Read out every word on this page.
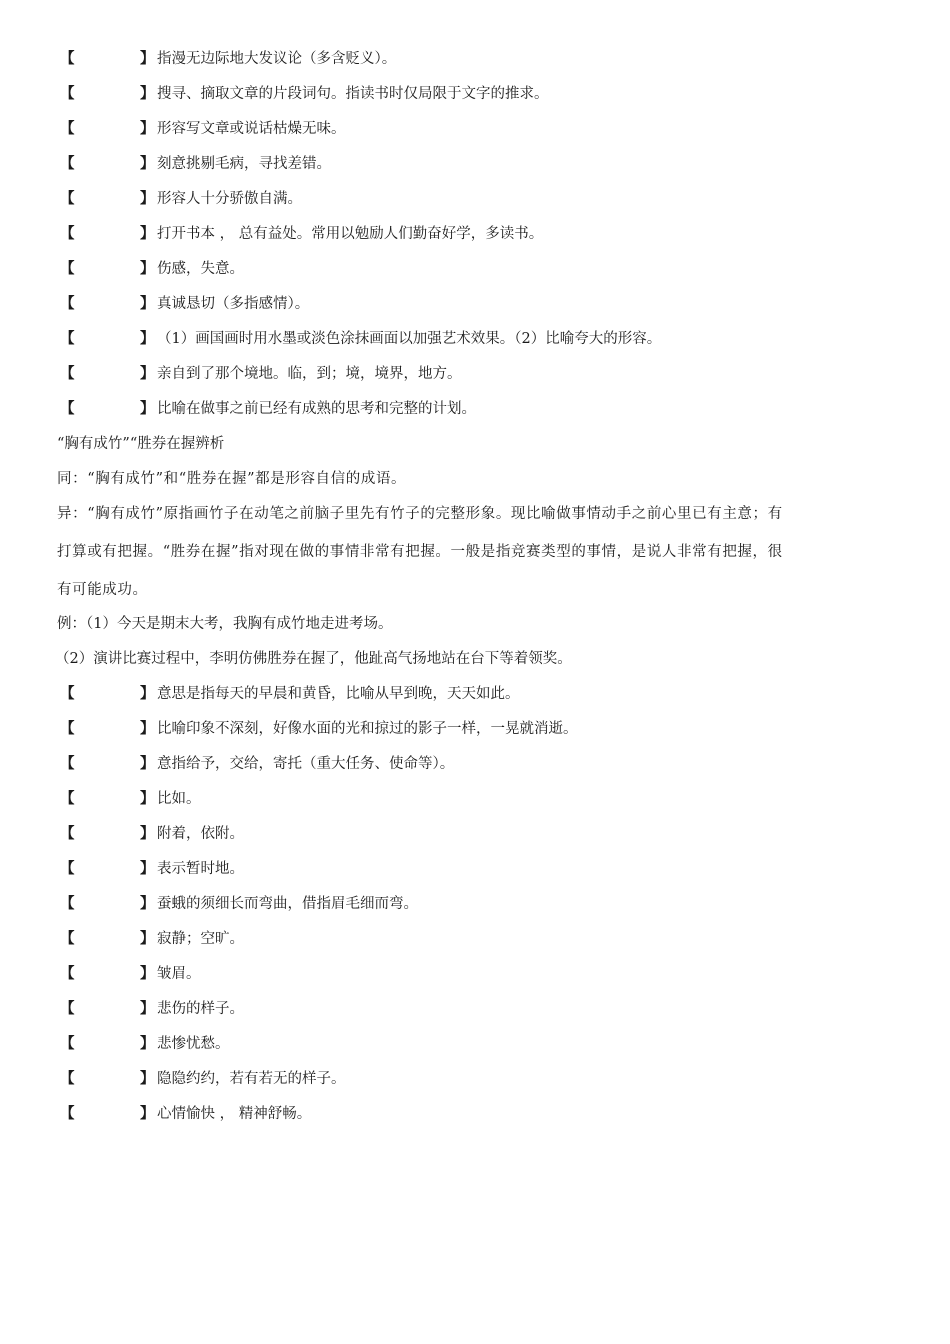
【	】 指漫无边际地大发议论（多含贬义）。
【	】 搜寻、摘取文章的片段词句。指读书时仅局限于文字的推求。
【	】 形容写文章或说话枯燥无味。
【	】 刻意挑剔毛病，寻找差错。
【	】 形容人十分骄傲自满。
【	】 打开书本 ， 总有益处。常用以勉励人们勤奋好学，多读书。
【	】 伤感，失意。
【	】 真诚恳切（多指感情）。
【	】 （1）画国画时用水墨或淡色涂抹画面以加强艺术效果。（2）比喻夸大的形容。
【	】 亲自到了那个境地。临，到；境，境界，地方。
【	】 比喻在做事之前已经有成熟的思考和完整的计划。
“胸有成竹”“胜券在握辨析
同：“胸有成竹”和“胜券在握”都是形容自信的成语。
异：“胸有成竹”原指画竹子在动笔之前脑子里先有竹子的完整形象。现比喻做事情动手之前心里已有主意；有
打算或有把握。“胜券在握”指对现在做的事情非常有把握。一般是指竞赛类型的事情，是说人非常有把握，很
有可能成功。
例：（1）今天是期末大考，我胸有成竹地走进考场。
（2）演讲比赛过程中，李明仿佛胜券在握了，他趾高气扬地站在台下等着领奖。
【	】 意思是指每天的早晨和黄昏，比喻从早到晚，天天如此。
【	】 比喻印象不深刻，好像水面的光和掠过的影子一样，一晃就消逝。
【	】 意指给予，交给，寄托（重大任务、使命等）。
【	】 比如。
【	】 附着，依附。
【	】 表示暂时地。
【	】 蚕蛾的须细长而弯曲，借指眉毛细而弯。
【	】 寂静；空旷。
【	】 皱眉。
【	】 悲伤的样子。
【	】 悲惨忧愁。
【	】 隐隐约约，若有若无的样子。
【	】 心情愉快 ， 精神舒畅。
